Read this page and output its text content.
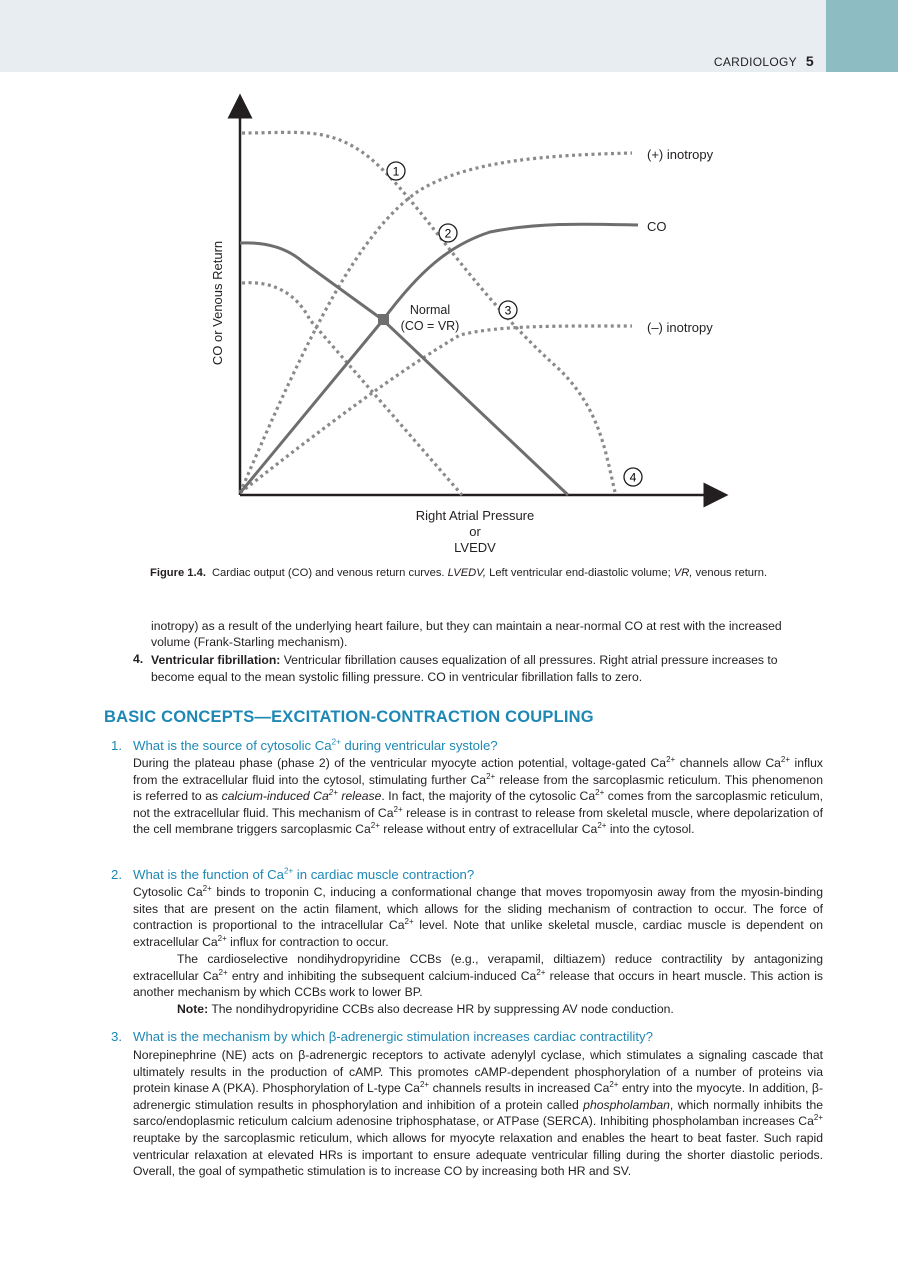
CARDIOLOGY 5
1
2
3
4
(+) inotropy
CO
(–) inotropy
Normal
(CO = VR)
CO or Venous Return
Right Atrial Pressure
or
LVEDV
Figure 1.4. Cardiac output (CO) and venous return curves. LVEDV, Left ventricular end-diastolic volume; VR, venous return.
inotropy) as a result of the underlying heart failure, but they can maintain a near-normal CO at rest with the increased
volume (Frank-Starling mechanism).
4. Ventricular fibrillation: Ventricular fibrillation causes equalization of all pressures. Right atrial pressure increases to
become equal to the mean systolic filling pressure. CO in ventricular fibrillation falls to zero.
BASIC CONCEPTS—EXCITATION-CONTRACTION COUPLING
1. What is the source of cytosolic $Ca^{2+}$ during ventricular systole?
During the plateau phase (phase 2) of the ventricular myocyte action potential, voltage-gated $Ca^{2+}$ channels allow $Ca^{2+}$ influx from the extracellular fluid into the cytosol, stimulating further $Ca^{2+}$ release from the sarcoplasmic reticulum. This phenomenon is referred to as calcium-induced $Ca^{2+}$ release. In fact, the majority of the cytosolic $Ca^{2+}$ comes from the sarcoplasmic reticulum, not the extracellular fluid. This mechanism of $Ca^{2+}$ release is in contrast to release from skeletal muscle, where depolarization of the cell membrane triggers sarcoplasmic $Ca^{2+}$ release without entry of extracellular $Ca^{2+}$ into the cytosol.
2. What is the function of $Ca^{2+}$ in cardiac muscle contraction?
Cytosolic $Ca^{2+}$ binds to troponin C, inducing a conformational change that moves tropomyosin away from the myosin-binding sites that are present on the actin filament, which allows for the sliding mechanism of contraction to occur. The force of contraction is proportional to the intracellular $Ca^{2+}$ level. Note that unlike skeletal muscle, cardiac muscle is dependent on extracellular $Ca^{2+}$ influx for contraction to occur.
The cardioselective nondihydropyridine CCBs (e.g., verapamil, diltiazem) reduce contractility by antagonizing extracellular $Ca^{2+}$ entry and inhibiting the subsequent calcium-induced $Ca^{2+}$ release that occurs in heart muscle. This action is another mechanism by which CCBs work to lower BP.
Note: The nondihydropyridine CCBs also decrease HR by suppressing AV node conduction.
3. What is the mechanism by which β-adrenergic stimulation increases cardiac contractility?
Norepinephrine (NE) acts on β-adrenergic receptors to activate adenylyl cyclase, which stimulates a signaling cascade that ultimately results in the production of cAMP. This promotes cAMP-dependent phosphorylation of a number of proteins via protein kinase A (PKA). Phosphorylation of L-type $Ca^{2+}$ channels results in increased $Ca^{2+}$ entry into the myocyte. In addition, β-adrenergic stimulation results in phosphorylation and inhibition of a protein called phospholamban, which normally inhibits the sarco/endoplasmic reticulum calcium adenosine triphosphatase, or ATPase (SERCA). Inhibiting phospholamban increases $Ca^{2+}$ reuptake by the sarcoplasmic reticulum, which allows for myocyte relaxation and enables the heart to beat faster. Such rapid ventricular relaxation at elevated HRs is important to ensure adequate ventricular filling during the shorter diastolic periods. Overall, the goal of sympathetic stimulation is to increase CO by increasing both HR and SV.
